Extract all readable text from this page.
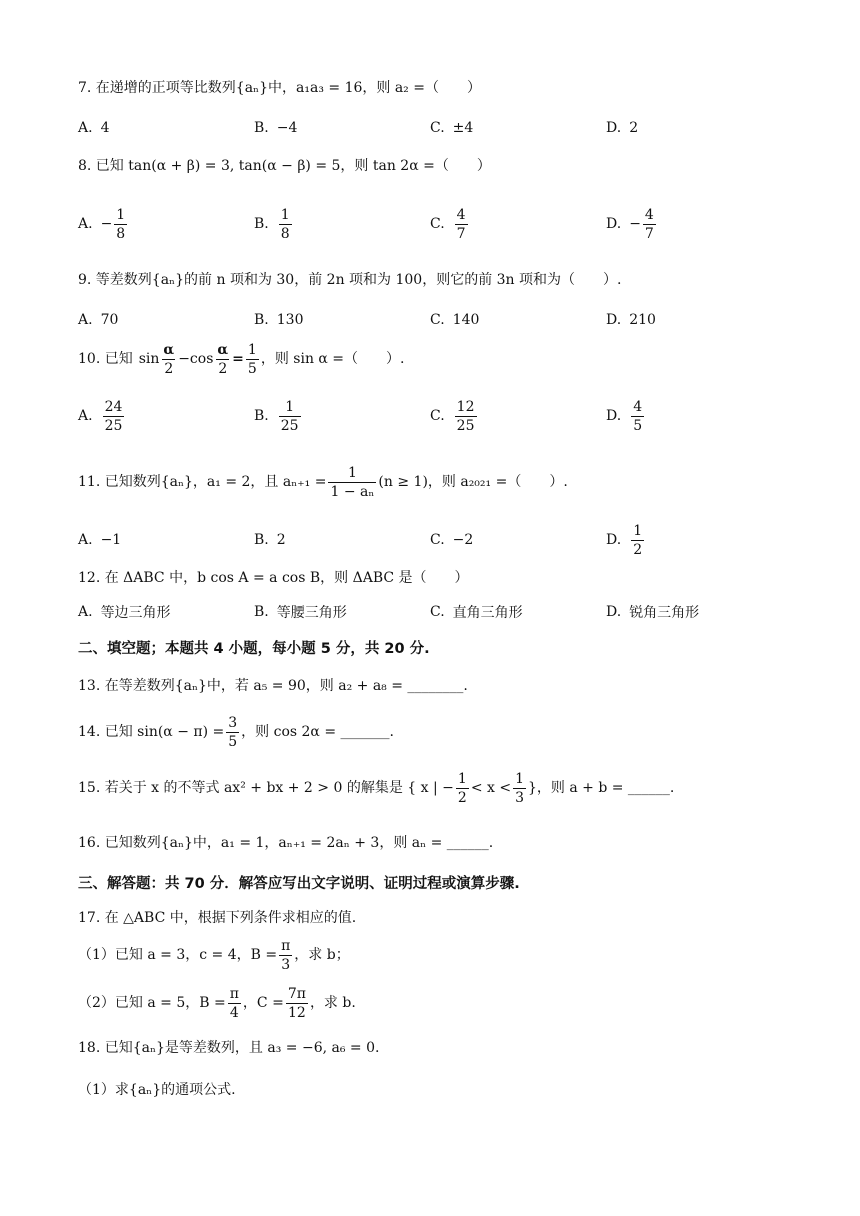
7. 在递增的正项等比数列{aₙ}中，a₁a₃ = 16，则 a₂ =（　　）
A. 4	B. −4	C. ±4	D. 2
8. 已知 tan(α + β) = 3, tan(α − β) = 5，则 tan 2α =（　　）
A. − $\frac{1}{8}$	B. $\frac{1}{8}$	C. $\frac{4}{7}$	D. − $\frac{4}{7}$
9. 等差数列{aₙ}的前 n 项和为 30，前 2n 项和为 100，则它的前 3n 项和为（　　）.
A. 70	B. 130	C. 140	D. 210
10. 已知 $\sin \frac{\alpha}{2} - \cos \frac{\alpha}{2} = \frac{1}{5}$ ，则 sin α =（　　）.
A. $\frac{24}{25}$	B. $\frac{1}{25}$	C. $\frac{12}{25}$	D. $\frac{4}{5}$
11. 已知数列{aₙ}，a₁ = 2，且 $a_{n+1} = \frac{1}{\text{1 − aₙ}} (n \ge 1)$，则 a₂₀₂₁ =（　　）.
A. −1	B. 2	C. −2	D. $\frac{1}{2}$
12. 在 ΔABC 中，b cos A = a cos B，则 ΔABC 是（　　）
A. 等边三角形	B. 等腰三角形	C. 直角三角形	D. 锐角三角形
二、填空题；本题共 4 小题，每小题 5 分，共 20 分.
13. 在等差数列{aₙ}中，若 a₅ = 90，则 a₂ + a₈ = ________.
14. 已知 $\sin(\alpha - \pi) = \frac{3}{5}$ ，则 cos 2α = _______.
15. 若关于 x 的不等式 ax² + bx + 2 > 0 的解集是 { x | − $\frac{1}{2} < x < \frac{1}{3}$ }，则 a + b = ______.
16. 已知数列{aₙ}中，a₁ = 1，aₙ₊₁ = 2aₙ + 3，则 aₙ = ______.
三、解答题：共 70 分．解答应写出文字说明、证明过程或演算步骤.
17. 在 △ABC 中，根据下列条件求相应的值.
（1）已知 a = 3，c = 4，$B = \frac{\pi}{3}$ ，求 b；
（2）已知 a = 5，$B = \frac{\pi}{4}$ ，$C = \frac{7\pi}{12}$ ，求 b.
18. 已知{aₙ}是等差数列，且 a₃ = −6, a₆ = 0.
（1）求{aₙ}的通项公式.
